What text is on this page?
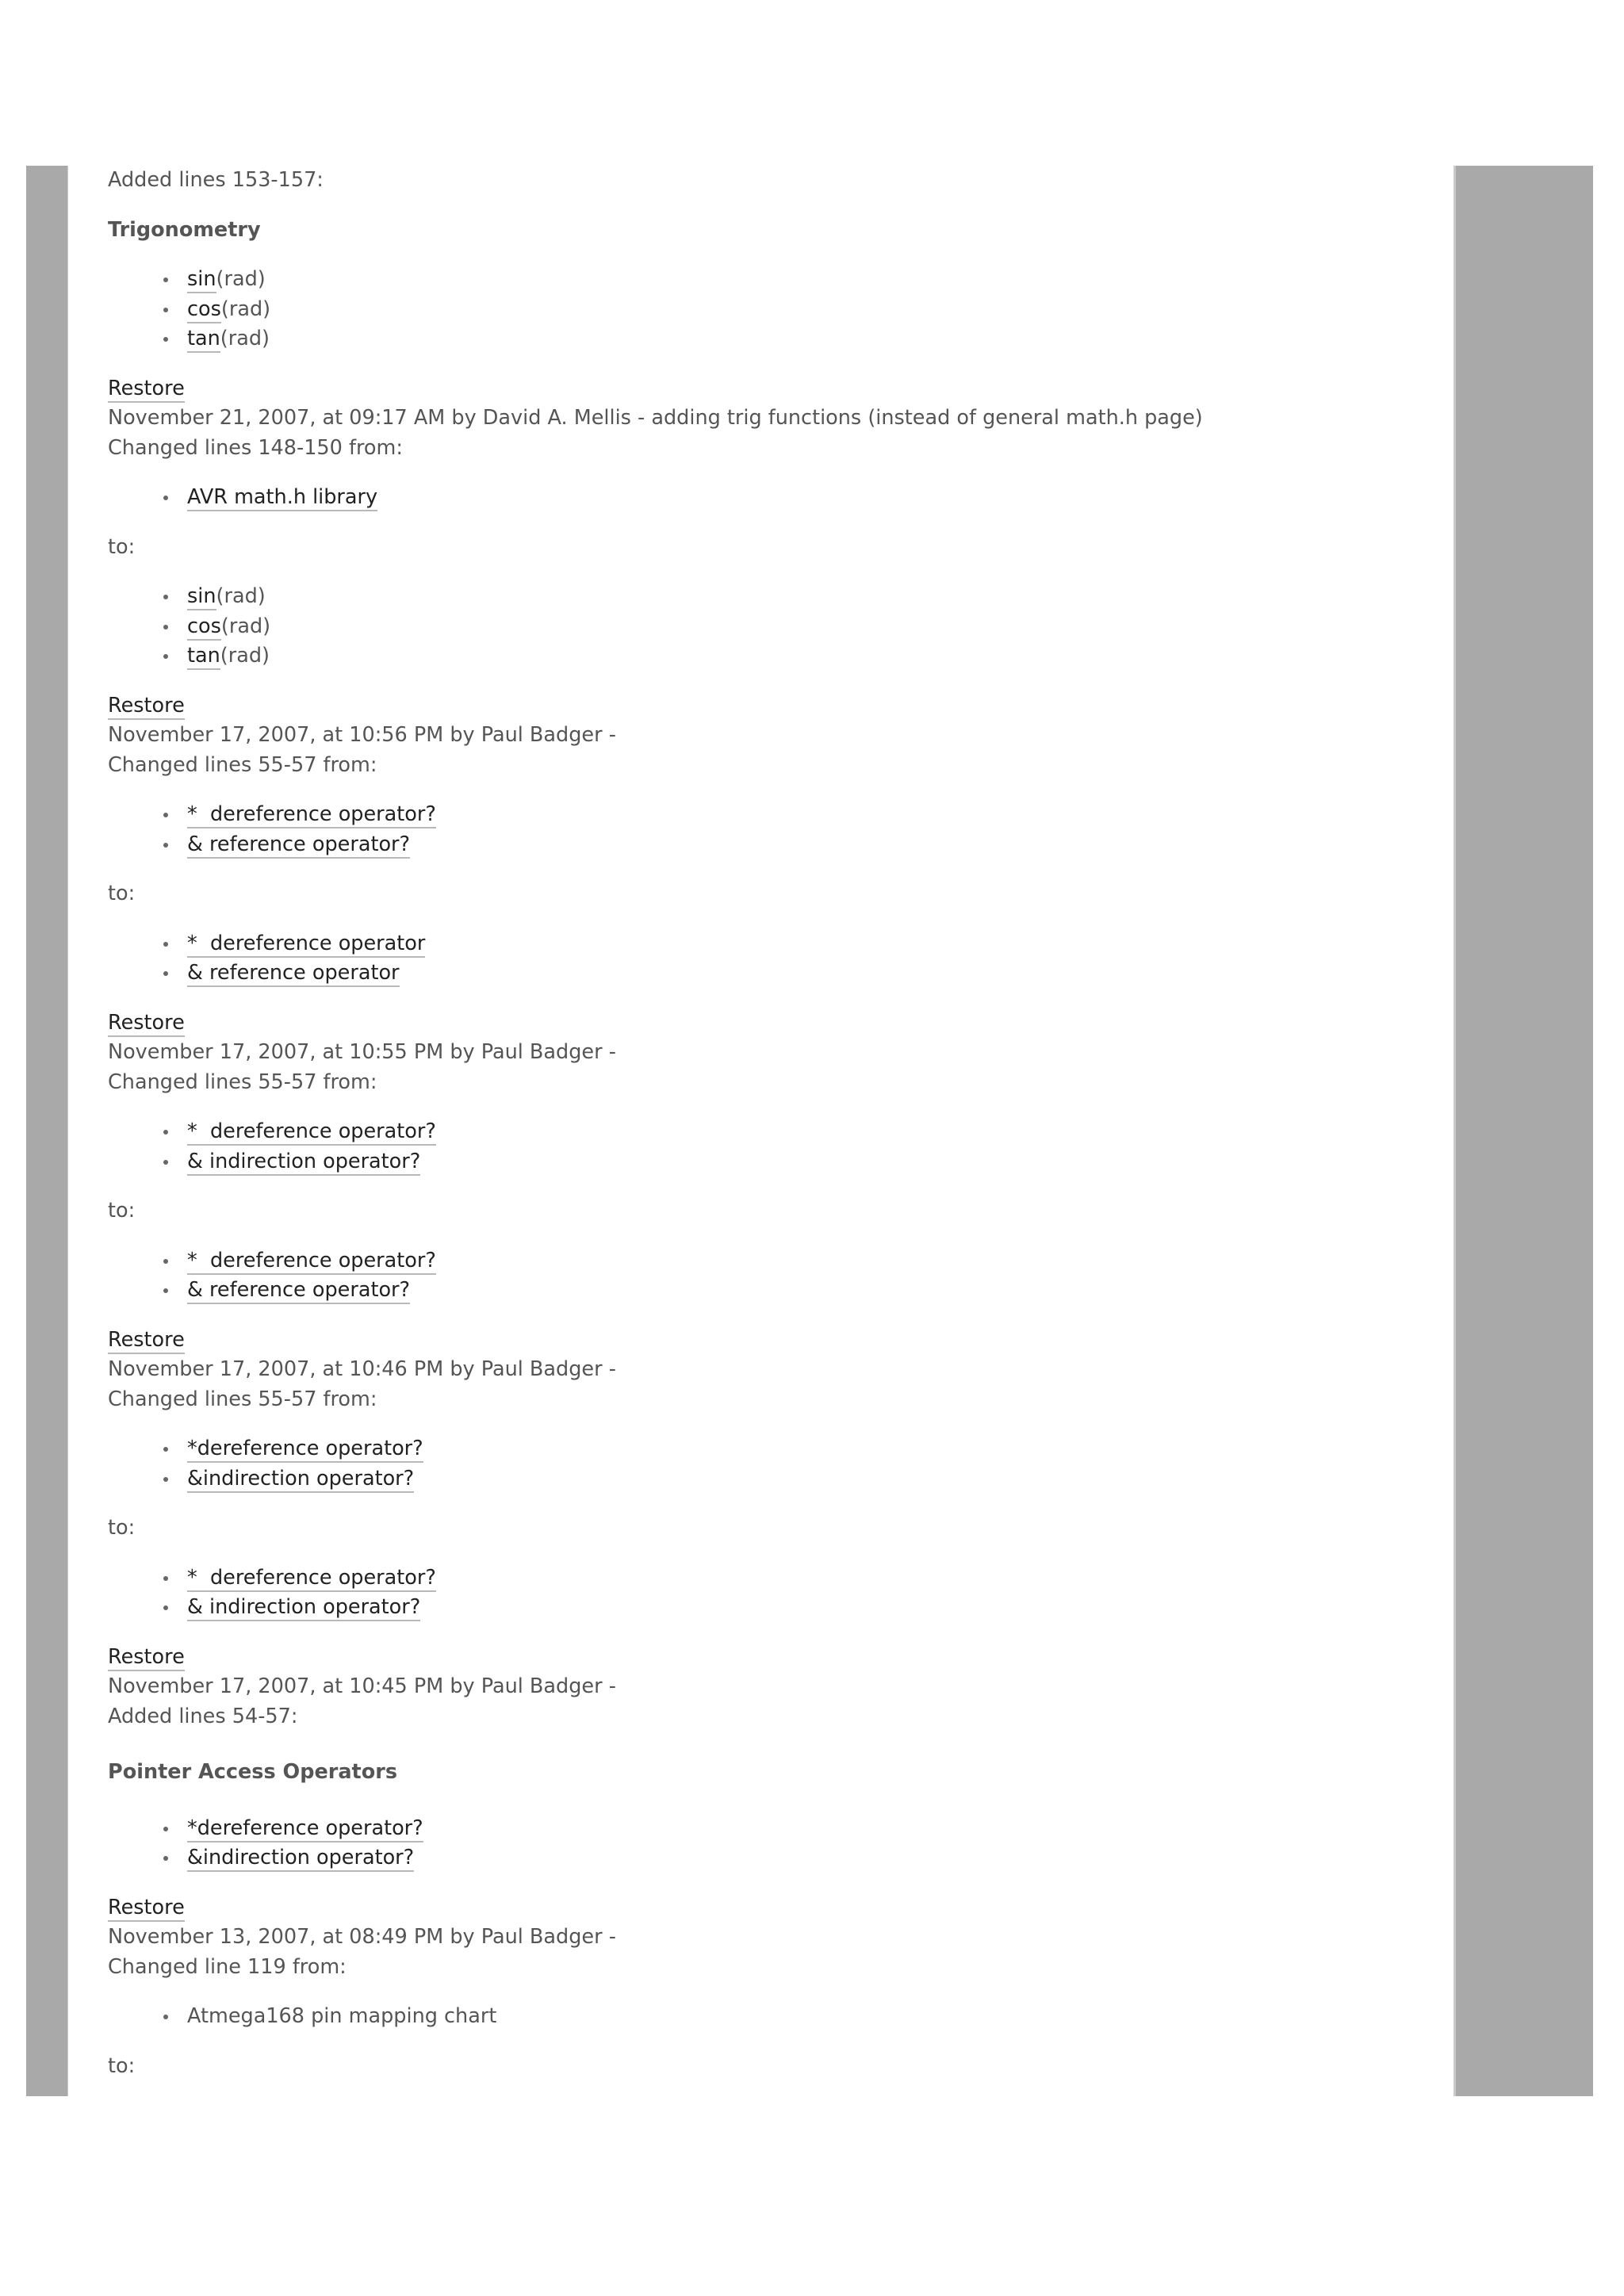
Added lines 153-157:

Trigonometry

sin(rad)
cos(rad)
tan(rad)

Restore

November 21, 2007, at 09:17 AM by David A. Mellis - adding trig functions (instead of general math.h page)

Changed lines 148-150 from:

AVR math.h library

to:

sin(rad)
cos(rad)
tan(rad)

Restore

November 17, 2007, at 10:56 PM by Paul Badger -

Changed lines 55-57 from:

*  dereference operator?
& reference operator?

to:

*  dereference operator
& reference operator

Restore

November 17, 2007, at 10:55 PM by Paul Badger -

Changed lines 55-57 from:

*  dereference operator?
& indirection operator?

to:

*  dereference operator?
& reference operator?

Restore

November 17, 2007, at 10:46 PM by Paul Badger -

Changed lines 55-57 from:

*dereference operator?
&indirection operator?

to:

*  dereference operator?
& indirection operator?

Restore

November 17, 2007, at 10:45 PM by Paul Badger -

Added lines 54-57:

Pointer Access Operators

*dereference operator?
&indirection operator?

Restore

November 13, 2007, at 08:49 PM by Paul Badger -

Changed line 119 from:

Atmega168 pin mapping chart

to:
